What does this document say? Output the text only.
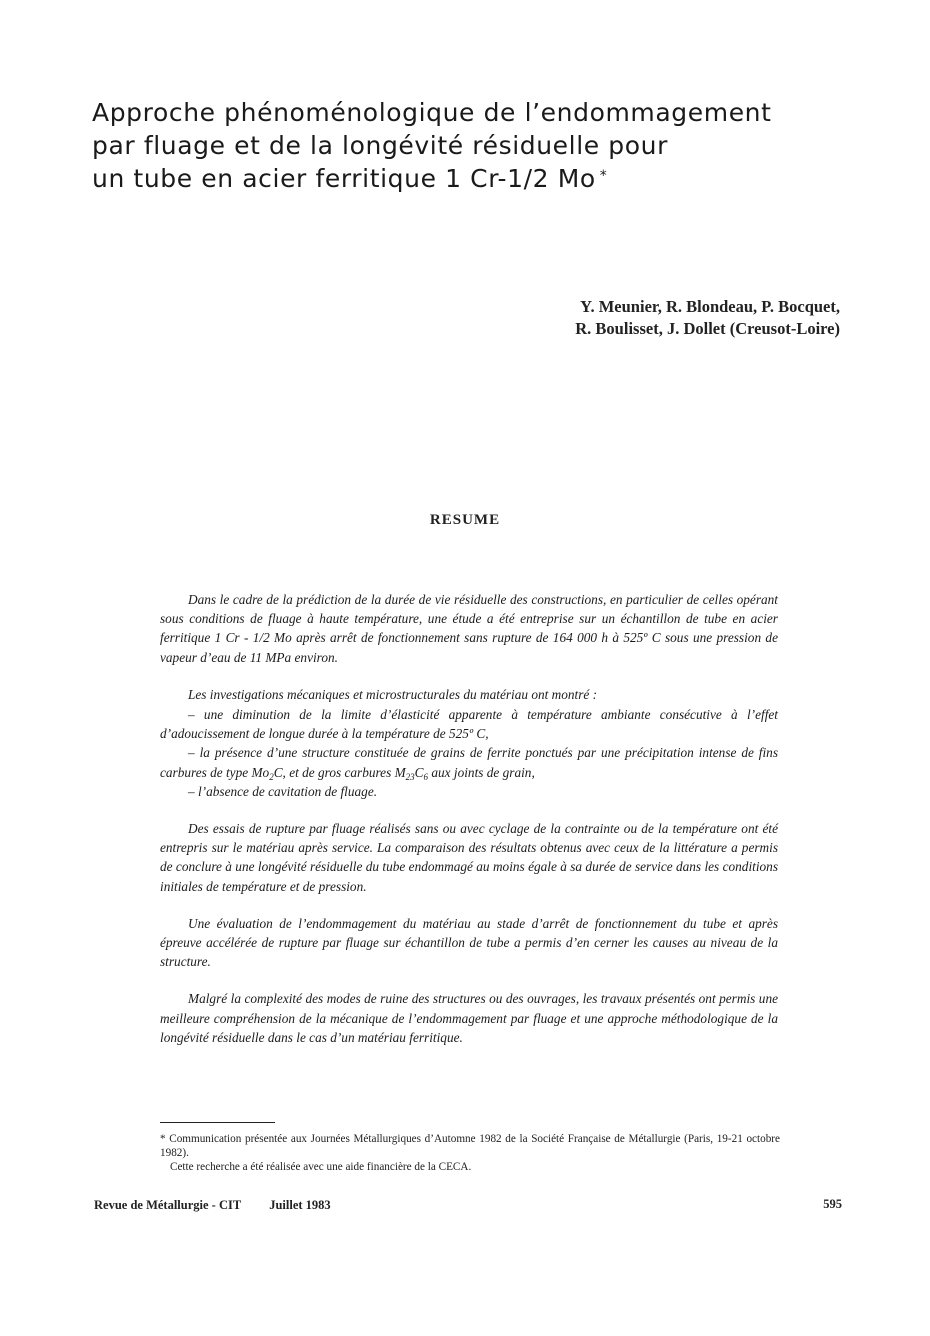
Approche phénoménologique de l’endommagement
par fluage et de la longévité résiduelle pour
un tube en acier ferritique 1 Cr-1/2 Mo *
Y. Meunier, R. Blondeau, P. Bocquet,
R. Boulisset, J. Dollet (Creusot-Loire)
RESUME

Dans le cadre de la prédiction de la durée de vie résiduelle des constructions, en particulier de celles opérant sous conditions de fluage à haute température, une étude a été entreprise sur un échantillon de tube en acier ferritique 1 Cr - 1/2 Mo après arrêt de fonctionnement sans rupture de 164 000 h à 525º C sous une pression de vapeur d’eau de 11 MPa environ.

Les investigations mécaniques et microstructurales du matériau ont montré :

– une diminution de la limite d’élasticité apparente à température ambiante consécutive à l’effet d’adoucissement de longue durée à la température de 525º C,

– la présence d’une structure constituée de grains de ferrite ponctués par une précipitation intense de fins carbures de type $Mo_2C$, et de gros carbures $M_{23}C_6$ aux joints de grain,

– l’absence de cavitation de fluage.

Des essais de rupture par fluage réalisés sans ou avec cyclage de la contrainte ou de la température ont été entrepris sur le matériau après service. La comparaison des résultats obtenus avec ceux de la littérature a permis de conclure à une longévité résiduelle du tube endommagé au moins égale à sa durée de service dans les conditions initiales de température et de pression.

Une évaluation de l’endommagement du matériau au stade d’arrêt de fonctionnement du tube et après épreuve accélérée de rupture par fluage sur échantillon de tube a permis d’en cerner les causes au niveau de la structure.

Malgré la complexité des modes de ruine des structures ou des ouvrages, les travaux présentés ont permis une meilleure compréhension de la mécanique de l’endommagement par fluage et une approche méthodologique de la longévité résiduelle dans le cas d’un matériau ferritique.

* Communication présentée aux Journées Métallurgiques d’Automne 1982 de la Société Française de Métallurgie (Paris, 19-21 octobre 1982).

Cette recherche a été réalisée avec une aide financière de la CECA.

Revue de Métallurgie - CIT Juillet 1983	595
